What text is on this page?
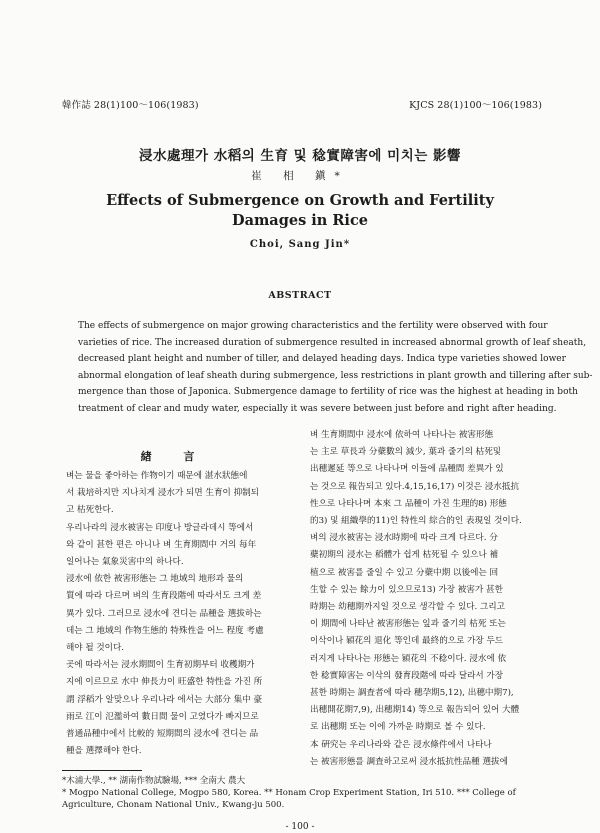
韓作誌 28(1)100～106(1983)	KJCS 28(1)100～106(1983)
浸水處理가 水稻의 生育 및 稔實障害에 미치는 影響
崔 相 鎭*
Effects of Submergence on Growth and Fertility
Damages in Rice
Choi, Sang Jin*
ABSTRACT
The effects of submergence on major growing characteristics and the fertility were observed with four
varieties of rice. The increased duration of submergence resulted in increased abnormal growth of leaf sheath,
decreased plant height and number of tiller, and delayed heading days. Indica type varieties showed lower
abnormal elongation of leaf sheath during submergence, less restrictions in plant growth and tillering after sub-
mergence than those of Japonica. Submergence damage to fertility of rice was the highest at heading in both
treatment of clear and mudy water, especially it was severe between just before and right after heading.
緖 言
벼는 물을 좋아하는 作物이기 때문에 湛水狀態에
서 栽培하지만 지나치게 浸水가 되면 生育이 抑制되
고 枯死한다.
우리나라의 浸水被害는 印度나 방글라데시 等에서
와 같이 甚한 편은 아니나 벼 生育期間中 거의 每年
일어나는 氣象災害中의 하나다.
浸水에 依한 被害形態는 그 地域의 地形과 물의
質에 따라 다르며 벼의 生育段階에 따라서도 크게 差
異가 있다. 그러므로 浸水에 견디는 品種을 選拔하는
데는 그 地域의 作物生態的 特殊性을 어느 程度 考慮
해야 될 것이다.
곳에 따라서는 浸水期間이 生育初期부터 收穫期가
지에 이르므로 水中 伸長力이 旺盛한 特性을 가진 所
謂 浮稻가 알맞으나 우리나라 에서는 大部分 集中 豪
雨로 江이 氾濫하여 數日間 물이 고였다가 빠지므로
普通品種中에서 比較的 短期間의 浸水에 견디는 品
種을 選擇해야 한다.
벼 生育期間中 浸水에 依하여 나타나는 被害形態
는 主로 草長과 分蘗數의 減少, 葉과 줄기의 枯死및
出穗遲延 等으로 나타나며 이들에 品種間 差異가 있
는 것으로 報告되고 있다.4,15,16,17) 이것은 浸水抵抗
性으로 나타나며 本來 그 品種이 가진 生理的8) 形態
的3) 및 組織學的11)인 特性의 綜合的인 表現일 것이다.
벼의 浸水被害는 浸水時期에 따라 크게 다르다. 分
蘗初期의 浸水는 稻體가 쉽게 枯死될 수 있으나 補
植으로 被害를 줄일 수 있고 分蘗中期 以後에는 回
生할 수 있는 餘力이 있으므로13) 가장 被害가 甚한
時期는 幼穗期까지일 것으로 생각할 수 있다. 그리고
이 期間에 나타난 被害形態는 잎과 줄기의 枯死 또는
이삭이나 穎花의 退化 等인데 最終的으로 가장 두드
러지게 나타나는 形態는 穎花의 不稔이다. 浸水에 依
한 稔實障害는 이삭의 發育段階에 따라 달라서 가장
甚한 時期는 調査者에 따라 穗孕期5,12), 出穗中期7),
出穗開花期7,9), 出穗期14) 等으로 報告되어 있어 大體
로 出穗期 또는 이에 가까운 時期로 볼 수 있다.
本 硏究는 우리나라와 같은 浸水條件에서 나타나
는 被害形態를 調査하고로써 浸水抵抗性品種 選拔에
*木浦大學., ** 湖南作物試驗場, *** 全南大 農大
* Mogpo National College, Mogpo 580, Korea. ** Honam Crop Experiment Station, Iri 510. *** College of Agriculture, Chonam National Univ., Kwang-ju 500.
- 100 -
